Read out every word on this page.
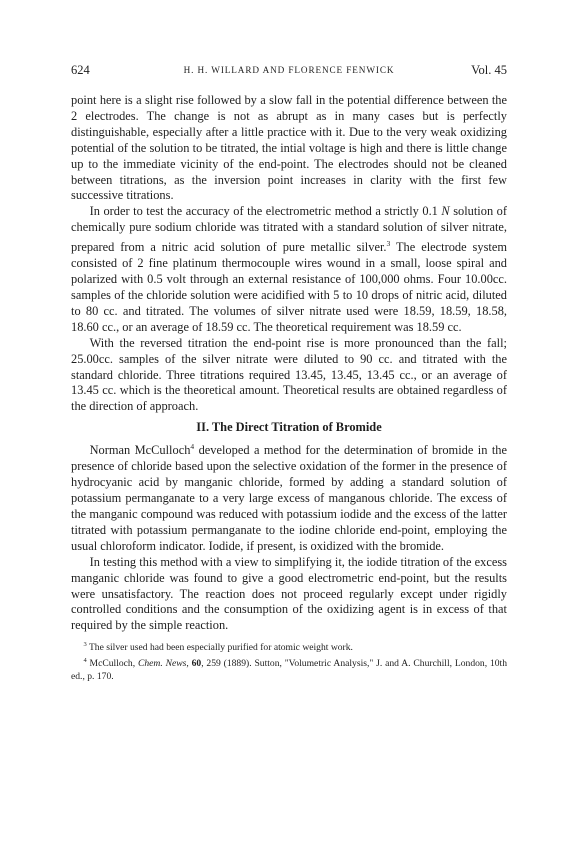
624	H. H. WILLARD AND FLORENCE FENWICK	Vol. 45

point here is a slight rise followed by a slow fall in the potential difference between the 2 electrodes. The change is not as abrupt as in many cases but is perfectly distinguishable, especially after a little practice with it. Due to the very weak oxidizing potential of the solution to be titrated, the intial voltage is high and there is little change up to the immediate vicinity of the end-point. The electrodes should not be cleaned between titrations, as the inversion point increases in clarity with the first few successive titrations.

In order to test the accuracy of the electrometric method a strictly 0.1 N solution of chemically pure sodium chloride was titrated with a standard solution of silver nitrate, prepared from a nitric acid solution of pure metallic silver.$^3$ The electrode system consisted of 2 fine platinum thermocouple wires wound in a small, loose spiral and polarized with 0.5 volt through an external resistance of 100,000 ohms. Four 10.00cc. samples of the chloride solution were acidified with 5 to 10 drops of nitric acid, diluted to 80 cc. and titrated. The volumes of silver nitrate used were 18.59, 18.59, 18.58, 18.60 cc., or an average of 18.59 cc. The theoretical requirement was 18.59 cc.

With the reversed titration the end-point rise is more pronounced than the fall; 25.00cc. samples of the silver nitrate were diluted to 90 cc. and titrated with the standard chloride. Three titrations required 13.45, 13.45, 13.45 cc., or an average of 13.45 cc. which is the theoretical amount. Theoretical results are obtained regardless of the direction of approach.

II. The Direct Titration of Bromide

Norman McCulloch$^4$ developed a method for the determination of bromide in the presence of chloride based upon the selective oxidation of the former in the presence of hydrocyanic acid by manganic chloride, formed by adding a standard solution of potassium permanganate to a very large excess of manganous chloride. The excess of the manganic compound was reduced with potassium iodide and the excess of the latter titrated with potassium permanganate to the iodine chloride end-point, employing the usual chloroform indicator. Iodide, if present, is oxidized with the bromide.

In testing this method with a view to simplifying it, the iodide titration of the excess manganic chloride was found to give a good electrometric end-point, but the results were unsatisfactory. The reaction does not proceed regularly except under rigidly controlled conditions and the consumption of the oxidizing agent is in excess of that required by the simple reaction.

$^3$ The silver used had been especially purified for atomic weight work.

$^4$ McCulloch, Chem. News, 60, 259 (1889). Sutton, "Volumetric Analysis," J. and A. Churchill, London, 10th ed., p. 170.
